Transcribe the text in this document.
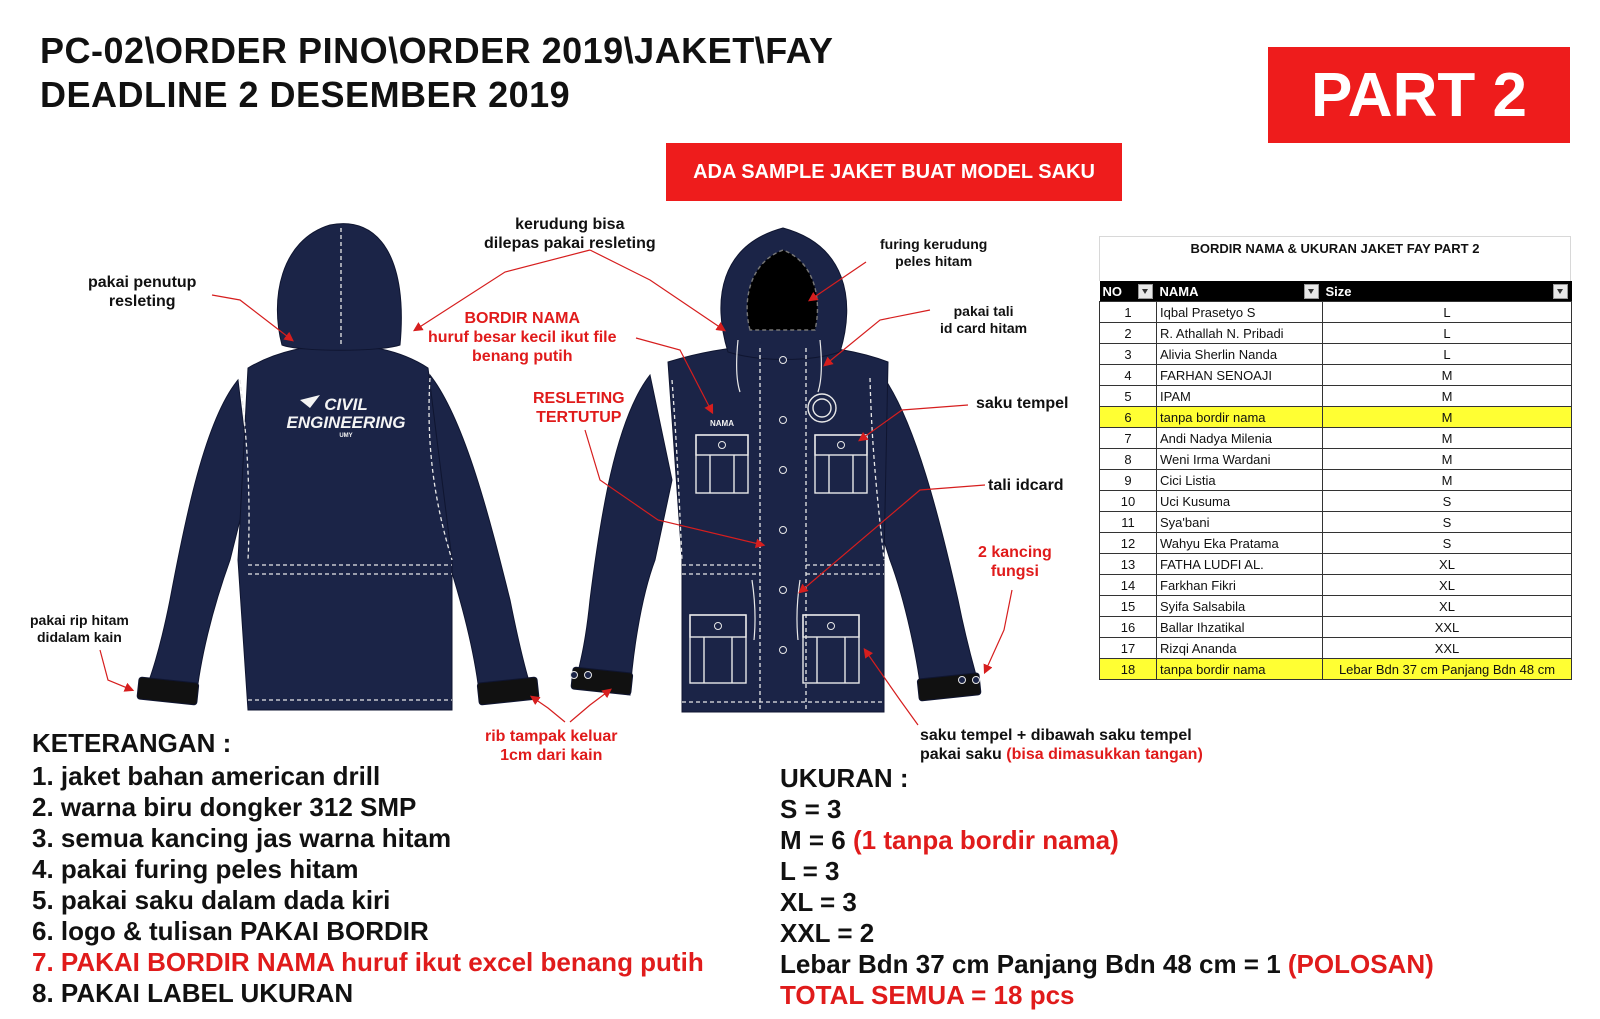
PC-02\ORDER PINO\ORDER 2019\JAKET\FAY
DEADLINE 2 DESEMBER 2019	PART 2
ADA SAMPLE JAKET BUAT MODEL SAKU
CIVIL
ENGINEERING
UMY
NAMA
pakai penutup
resleting
kerudung bisa
dilepas pakai resleting	furing kerudung
peles hitam
pakai tali
id card hitam
BORDIR NAMA
huruf besar kecil ikut file
benang putih
RESLETING
TERTUTUP
saku tempel
tali idcard
2 kancing
fungsi
pakai rip hitam
didalam kain
rib tampak keluar
1cm dari kain
saku tempel + dibawah saku tempel
pakai saku (bisa dimasukkan tangan)
KETERANGAN :
1. jaket bahan american drill
2. warna biru dongker 312 SMP
3. semua kancing jas warna hitam
4. pakai furing peles hitam
5. pakai saku dalam dada kiri
6. logo & tulisan PAKAI BORDIR
7. PAKAI BORDIR NAMA huruf ikut excel benang putih
8. PAKAI LABEL UKURAN
UKURAN :
S = 3
M = 6 (1 tanpa bordir nama)
L = 3
XL = 3
XXL = 2
Lebar Bdn 37 cm Panjang Bdn 48 cm = 1 (POLOSAN)
TOTAL SEMUA = 18 pcs
BORDIR NAMA & UKURAN JAKET FAY PART 2
NO	NAMA	Size

1	Iqbal Prasetyo S	L
2	R. Athallah N. Pribadi	L
3	Alivia Sherlin Nanda	L
4	FARHAN SENOAJI	M
5	IPAM	M
6	tanpa bordir nama	M
7	Andi Nadya Milenia	M
8	Weni Irma Wardani	M
9	Cici Listia	M
10	Uci Kusuma	S
11	Sya'bani	S
12	Wahyu Eka Pratama	S
13	FATHA LUDFI AL.	XL
14	Farkhan Fikri	XL
15	Syifa Salsabila	XL
16	Ballar Ihzatikal	XXL
17	Rizqi Ananda	XXL
18	tanpa bordir nama	Lebar Bdn 37 cm Panjang Bdn 48 cm
